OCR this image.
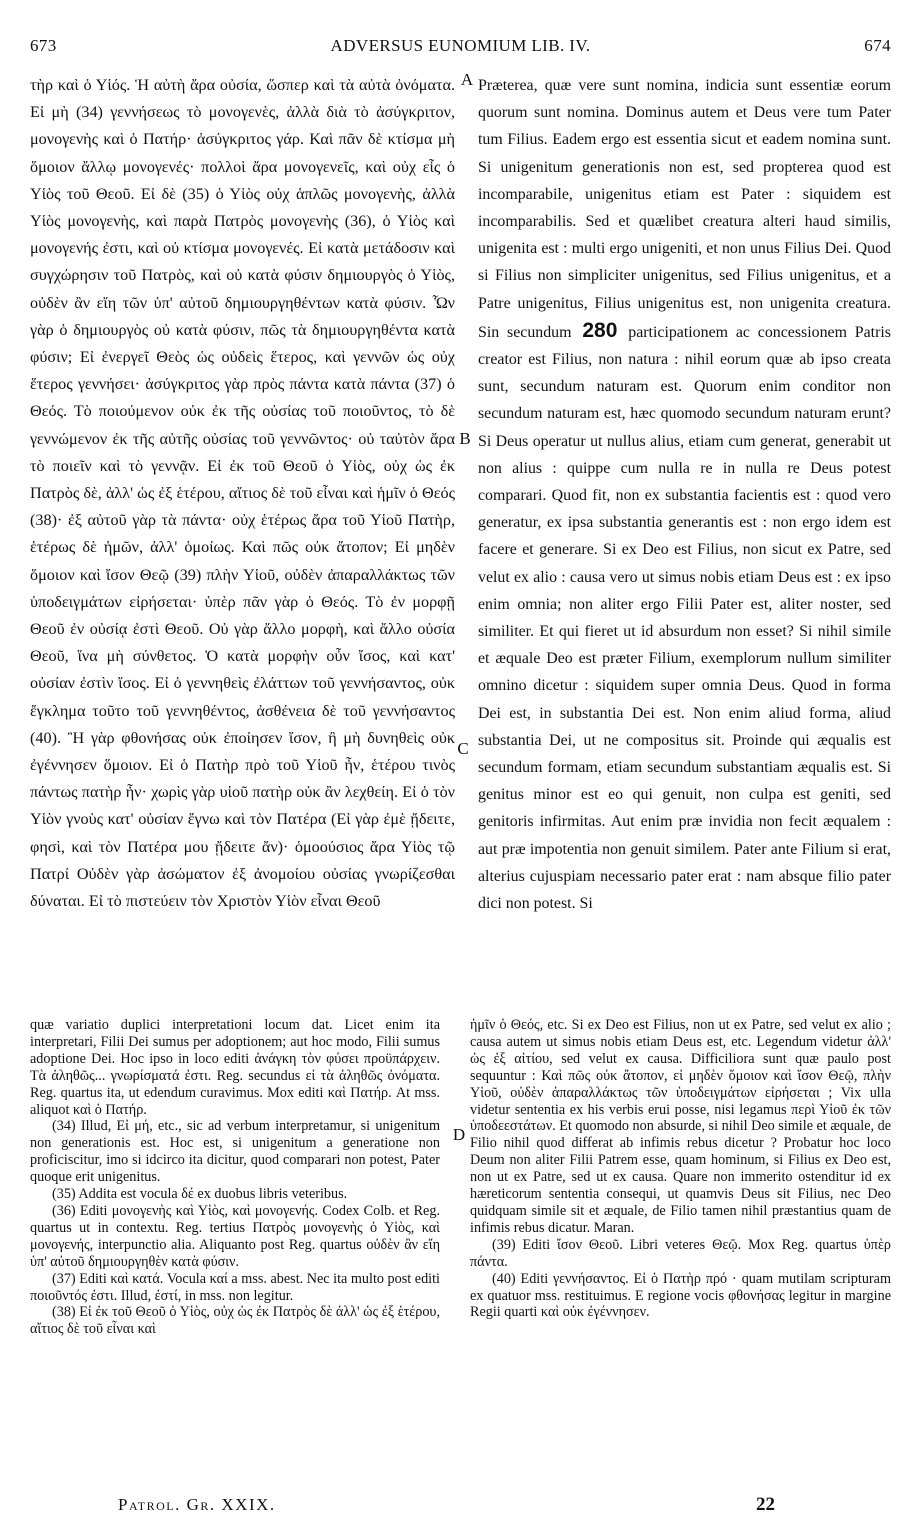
673	ADVERSUS EUNOMIUM LIB. IV.	674
A
B
C
D
τὴρ καὶ ὁ Υἱός. Ἡ αὐτὴ ἄρα οὐσία, ὥσπερ καὶ τὰ αὐτὰ ὀνόματα. Εἰ μὴ (34) γεννήσεως τὸ μονογενὲς, ἀλλὰ διὰ τὸ ἀσύγκριτον, μονογενὴς καὶ ὁ Πατήρ· ἀσύγκριτος γάρ. Καὶ πᾶν δὲ κτίσμα μὴ ὅμοιον ἄλλῳ μονογενές· πολλοὶ ἄρα μονογενεῖς, καὶ οὐχ εἷς ὁ Υἱὸς τοῦ Θεοῦ. Εἰ δὲ (35) ὁ Υἱὸς οὐχ ἁπλῶς μονογενὴς, ἀλλὰ Υἱὸς μονογενὴς, καὶ παρὰ Πατρὸς μονογενὴς (36), ὁ Υἱὸς καὶ μονογενής ἐστι, καὶ οὐ κτίσμα μονογενές. Εἰ κατὰ μετάδοσιν καὶ συγχώρησιν τοῦ Πατρὸς, καὶ οὐ κατὰ φύσιν δημιουργὸς ὁ Υἱὸς, οὐδὲν ἂν εἴη τῶν ὑπ' αὐτοῦ δημιουργηθέντων κατὰ φύσιν. Ὧν γὰρ ὁ δημιουργὸς οὐ κατὰ φύσιν, πῶς τὰ δημιουργηθέντα κατὰ φύσιν; Εἰ ἐνεργεῖ Θεὸς ὡς οὐδεὶς ἕτερος, καὶ γεννῶν ὡς οὐχ ἕτερος γεννήσει· ἀσύγκριτος γὰρ πρὸς πάντα κατὰ πάντα (37) ὁ Θεός. Τὸ ποιούμενον οὐκ ἐκ τῆς οὐσίας τοῦ ποιοῦντος, τὸ δὲ γεννώμενον ἐκ τῆς αὐτῆς οὐσίας τοῦ γεννῶντος· οὐ ταὐτὸν ἄρα τὸ ποιεῖν καὶ τὸ γεννᾷν. Εἰ ἐκ τοῦ Θεοῦ ὁ Υἱὸς, οὐχ ὡς ἐκ Πατρὸς δὲ, ἀλλ' ὡς ἐξ ἑτέρου, αἴτιος δὲ τοῦ εἶναι καὶ ἡμῖν ὁ Θεός (38)· ἐξ αὐτοῦ γὰρ τὰ πάντα· οὐχ ἑτέρως ἄρα τοῦ Υἱοῦ Πατὴρ, ἑτέρως δὲ ἡμῶν, ἀλλ' ὁμοίως. Καὶ πῶς οὐκ ἄτοπον; Εἰ μηδὲν ὅμοιον καὶ ἴσον Θεῷ (39) πλὴν Υἱοῦ, οὐδὲν ἀπαραλλάκτως τῶν ὑποδειγμάτων εἰρήσεται· ὑπὲρ πᾶν γὰρ ὁ Θεός. Τὸ ἐν μορφῇ Θεοῦ ἐν οὐσίᾳ ἐστὶ Θεοῦ. Οὐ γὰρ ἄλλο μορφὴ, καὶ ἄλλο οὐσία Θεοῦ, ἵνα μὴ σύνθετος. Ὁ κατὰ μορφὴν οὖν ἴσος, καὶ κατ' οὐσίαν ἐστὶν ἴσος. Εἰ ὁ γεννηθεὶς ἐλάττων τοῦ γεννήσαντος, οὐκ ἔγκλημα τοῦτο τοῦ γεννηθέντος, ἀσθένεια δὲ τοῦ γεννήσαντος (40). Ἢ γὰρ φθονήσας οὐκ ἐποίησεν ἴσον, ἢ μὴ δυνηθεὶς οὐκ ἐγέννησεν ὅμοιον. Εἰ ὁ Πατὴρ πρὸ τοῦ Υἱοῦ ἦν, ἑτέρου τινὸς πάντως πατὴρ ἦν· χωρὶς γὰρ υἱοῦ πατὴρ οὐκ ἂν λεχθείη. Εἰ ὁ τὸν Υἱὸν γνοὺς κατ' οὐσίαν ἔγνω καὶ τὸν Πατέρα (Εἰ γὰρ ἐμὲ ᾔδειτε, φησὶ, καὶ τὸν Πατέρα μου ᾔδειτε ἄν)· ὁμοούσιος ἄρα Υἱὸς τῷ Πατρί Οὐδὲν γὰρ ἀσώματον ἐξ ἀνομοίου οὐσίας γνωρίζεσθαι δύναται. Εἰ τὸ πιστεύειν τὸν Χριστὸν Υἱὸν εἶναι Θεοῦ
Præterea, quæ vere sunt nomina, indicia sunt essentiæ eorum quorum sunt nomina. Dominus autem et Deus vere tum Pater tum Filius. Eadem ergo est essentia sicut et eadem nomina sunt. Si unigenitum generationis non est, sed propterea quod est incomparabile, unigenitus etiam est Pater : siquidem est incomparabilis. Sed et quælibet creatura alteri haud similis, unigenita est : multi ergo unigeniti, et non unus Filius Dei. Quod si Filius non simpliciter unigenitus, sed Filius unigenitus, et a Patre unigenitus, Filius unigenitus est, non unigenita creatura. Sin secundum 280 participationem ac concessionem Patris creator est Filius, non natura : nihil eorum quæ ab ipso creata sunt, secundum naturam est. Quorum enim conditor non secundum naturam est, hæc quomodo secundum naturam erunt? Si Deus operatur ut nullus alius, etiam cum generat, generabit ut non alius : quippe cum nulla re in nulla re Deus potest comparari. Quod fit, non ex substantia facientis est : quod vero generatur, ex ipsa substantia generantis est : non ergo idem est facere et generare. Si ex Deo est Filius, non sicut ex Patre, sed velut ex alio : causa vero ut simus nobis etiam Deus est : ex ipso enim omnia; non aliter ergo Filii Pater est, aliter noster, sed similiter. Et qui fieret ut id absurdum non esset? Si nihil simile et æquale Deo est præter Filium, exemplorum nullum similiter omnino dicetur : siquidem super omnia Deus. Quod in forma Dei est, in substantia Dei est. Non enim aliud forma, aliud substantia Dei, ut ne compositus sit. Proinde qui æqualis est secundum formam, etiam secundum substantiam æqualis est. Si genitus minor est eo qui genuit, non culpa est geniti, sed genitoris infirmitas. Aut enim præ invidia non fecit æqualem : aut præ impotentia non genuit similem. Pater ante Filium si erat, alterius cujuspiam necessario pater erat : nam absque filio pater dici non potest. Si

quæ variatio duplici interpretationi locum dat. Licet enim ita interpretari, Filii Dei sumus per adoptionem; aut hoc modo, Filii sumus adoptione Dei. Hoc ipso in loco editi ἀνάγκη τὸν φύσει προϋπάρχειν. Τὰ ἀληθῶς... γνωρίσματά ἐστι. Reg. secundus εἰ τὰ ἀληθῶς ὀνόματα. Reg. quartus ita, ut edendum curavimus. Mox editi καὶ Πατήρ. At mss. aliquot καὶ ὁ Πατήρ.

(34) Illud, Εἰ μή, etc., sic ad verbum interpretamur, si unigenitum non generationis est. Hoc est, si unigenitum a generatione non proficiscitur, imo si idcirco ita dicitur, quod comparari non potest, Pater quoque erit unigenitus.

(35) Addita est vocula δέ ex duobus libris veteribus.

(36) Editi μονογενὴς καὶ Υἱὸς, καὶ μονογενής. Codex Colb. et Reg. quartus ut in contextu. Reg. tertius Πατρὸς μονογενὴς ὁ Υἱὸς, καὶ μονογενής, interpunctio alia. Aliquanto post Reg. quartus οὐδὲν ἂν εἴη ὑπ' αὐτοῦ δημιουργηθὲν κατὰ φύσιν.

(37) Editi καὶ κατά. Vocula καί a mss. abest. Nec ita multo post editi ποιοῦντός ἐστι. Illud, ἐστί, in mss. non legitur.

(38) Εἰ ἐκ τοῦ Θεοῦ ὁ Υἱὸς, οὐχ ὡς ἐκ Πατρὸς δὲ ἀλλ' ὡς ἐξ ἑτέρου, αἴτιος δὲ τοῦ εἶναι καὶ

ἡμῖν ὁ Θεός, etc. Si ex Deo est Filius, non ut ex Patre, sed velut ex alio ; causa autem ut simus nobis etiam Deus est, etc. Legendum videtur ἀλλ' ὡς ἐξ αἰτίου, sed velut ex causa. Difficiliora sunt quæ paulo post sequuntur : Καὶ πῶς οὐκ ἄτοπον, εἰ μηδὲν ὅμοιον καὶ ἴσον Θεῷ, πλὴν Υἱοῦ, οὐδὲν ἀπαραλλάκτως τῶν ὑποδειγμάτων εἰρήσεται ; Vix ulla videtur sententia ex his verbis erui posse, nisi legamus περὶ Υἱοῦ ἐκ τῶν ὑποδεεστάτων. Et quomodo non absurde, si nihil Deo simile et æquale, de Filio nihil quod differat ab infimis rebus dicetur ? Probatur hoc loco Deum non aliter Filii Patrem esse, quam hominum, si Filius ex Deo est, non ut ex Patre, sed ut ex causa. Quare non immerito ostenditur id ex hæreticorum sententia consequi, ut quamvis Deus sit Filius, nec Deo quidquam simile sit et æquale, de Filio tamen nihil præstantius quam de infimis rebus dicatur. Maran.

(39) Editi ἴσον Θεοῦ. Libri veteres Θεῷ. Mox Reg. quartus ὑπὲρ πάντα.

(40) Editi γεννήσαντος. Εἰ ὁ Πατὴρ πρό · quam mutilam scripturam ex quatuor mss. restituimus. E regione vocis φθονήσας legitur in margine Regii quarti καὶ οὐκ ἐγέννησεν.

Patrol. Gr. XXIX.	22
